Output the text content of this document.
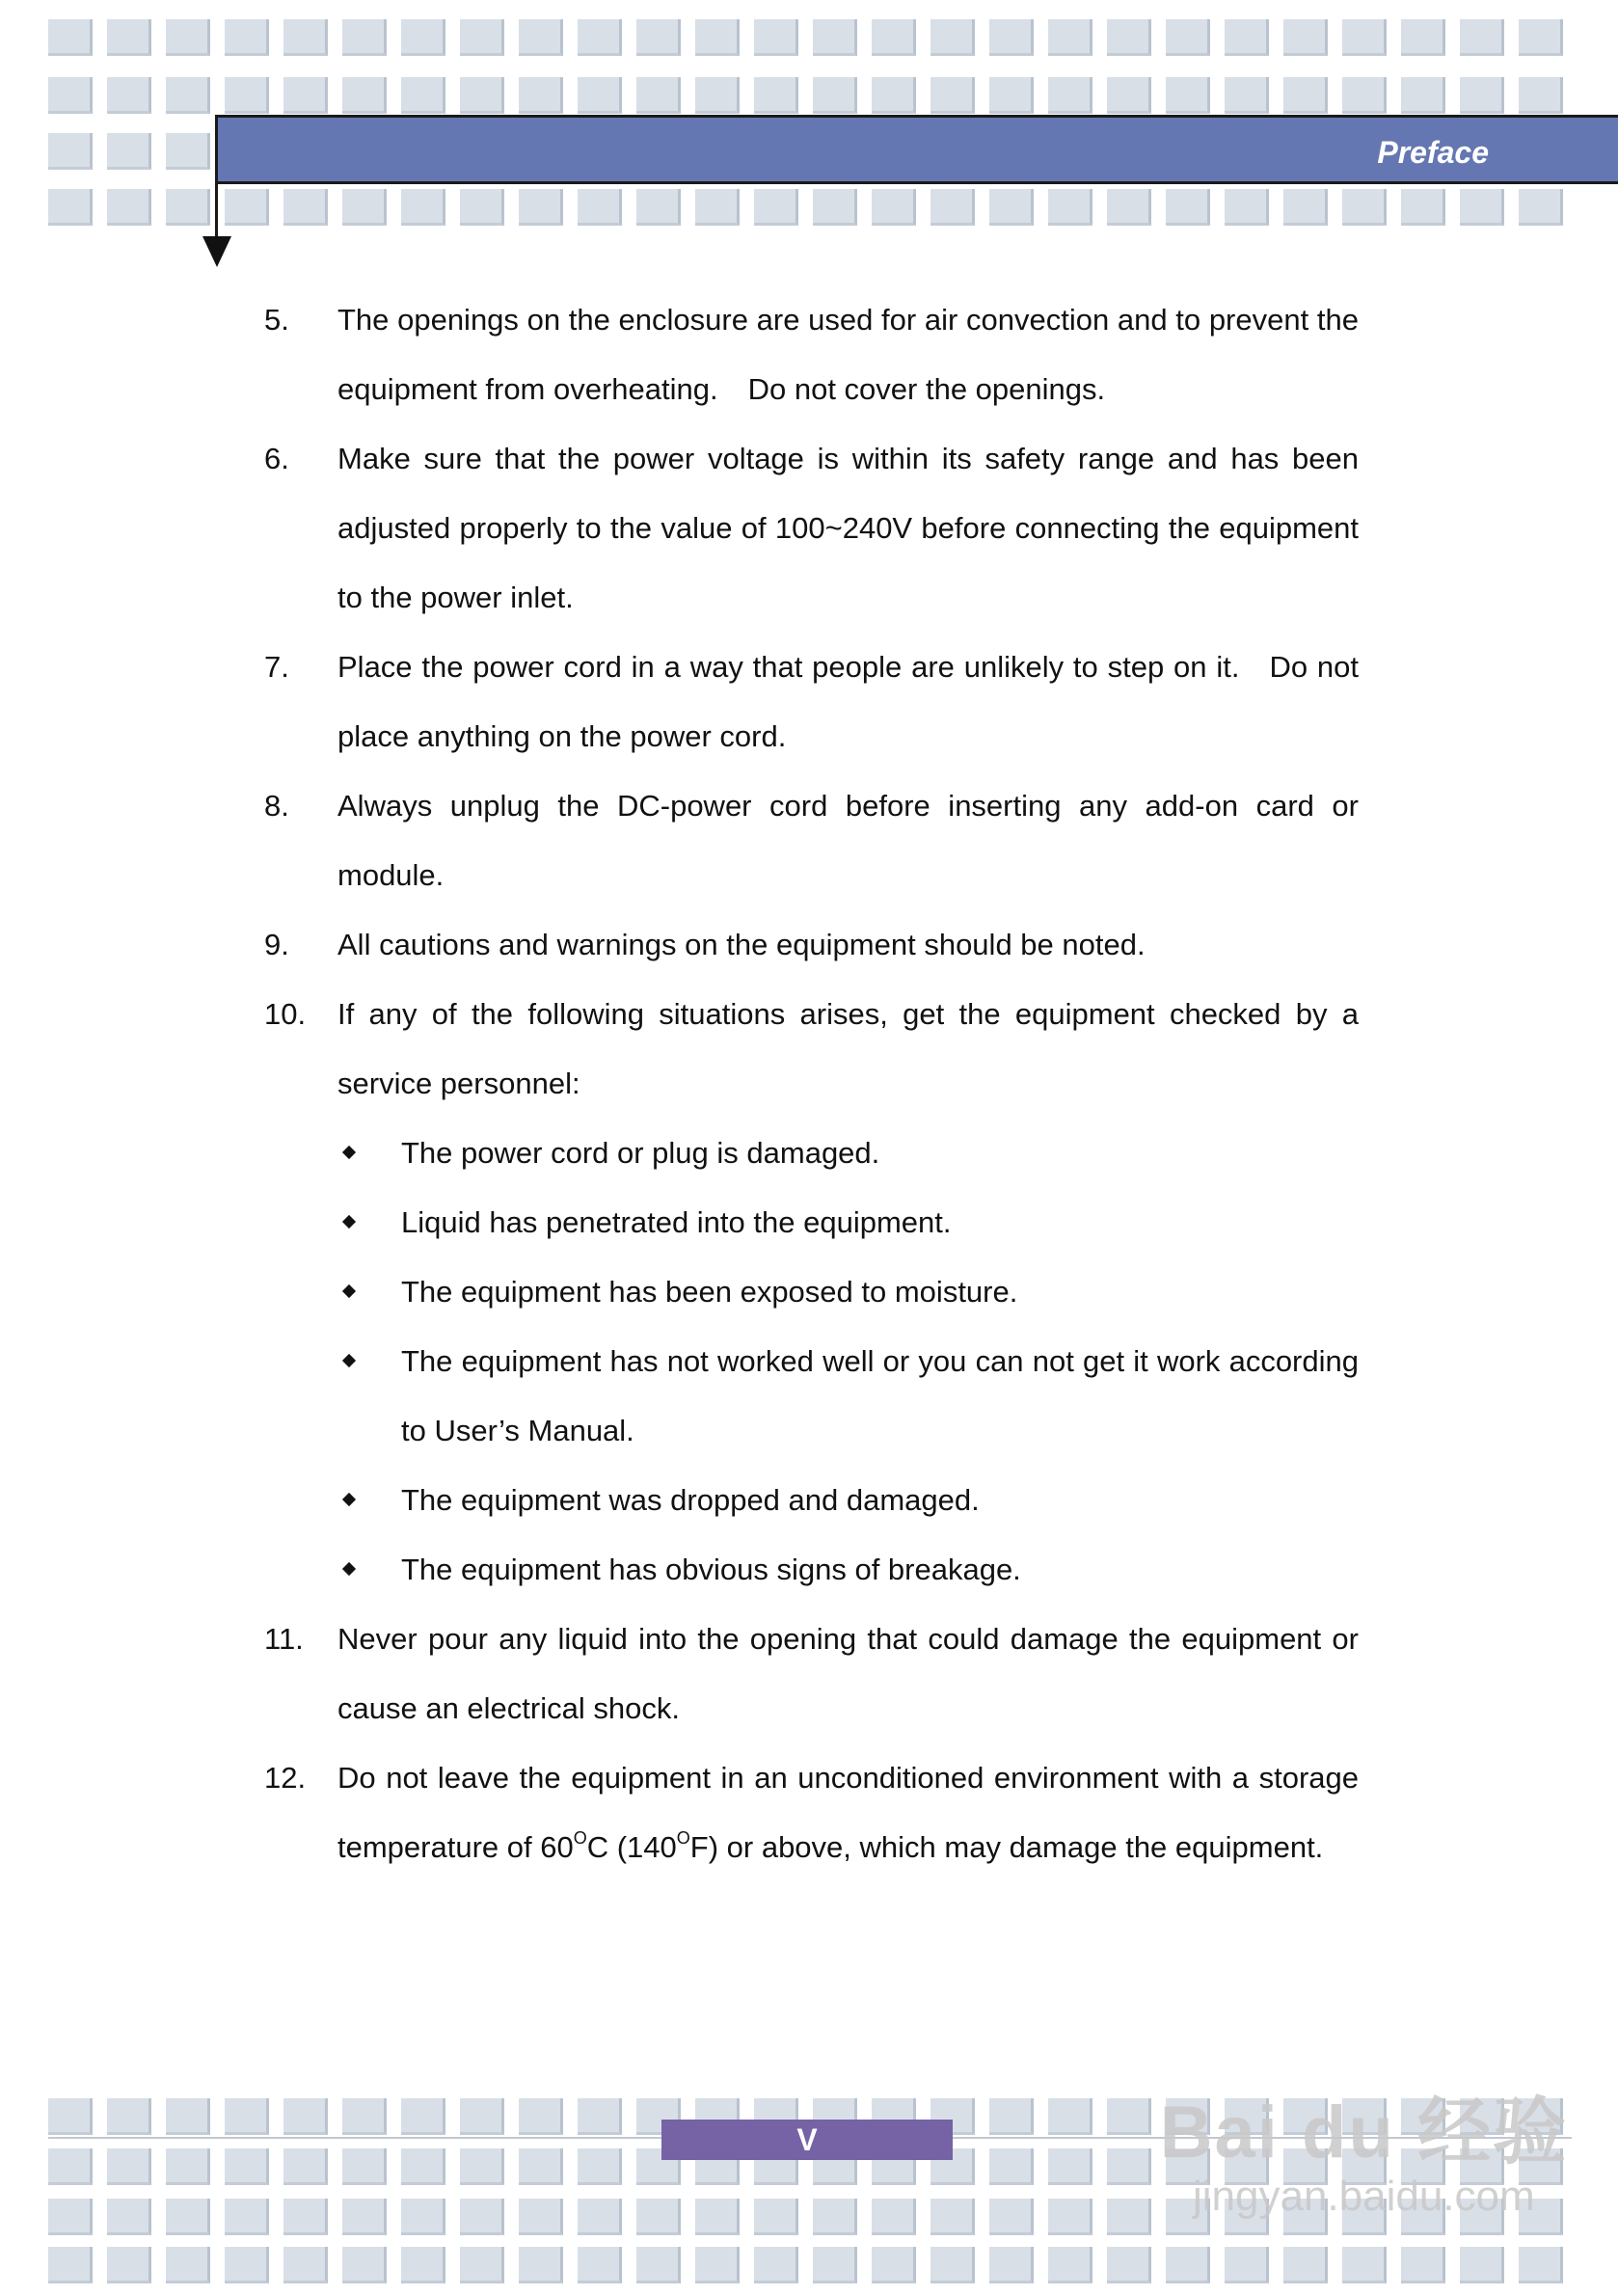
Preface
5. The openings on the enclosure are used for air convection and to prevent the equipment from overheating. Do not cover the openings.
6. Make sure that the power voltage is within its safety range and has been adjusted properly to the value of 100~240V before connecting the equipment to the power inlet.
7. Place the power cord in a way that people are unlikely to step on it. Do not place anything on the power cord.
8. Always unplug the DC-power cord before inserting any add-on card or module.
9. All cautions and warnings on the equipment should be noted.
10. If any of the following situations arises, get the equipment checked by a service personnel:
The power cord or plug is damaged.
Liquid has penetrated into the equipment.
The equipment has been exposed to moisture.
The equipment has not worked well or you can not get it work according to User’s Manual.
The equipment was dropped and damaged.
The equipment has obvious signs of breakage.
11. Never pour any liquid into the opening that could damage the equipment or cause an electrical shock.
12. Do not leave the equipment in an unconditioned environment with a storage temperature of $60^OC$ $(140^OF)$ or above, which may damage the equipment.
V	Bai du 经验
jingyan.baidu.com
